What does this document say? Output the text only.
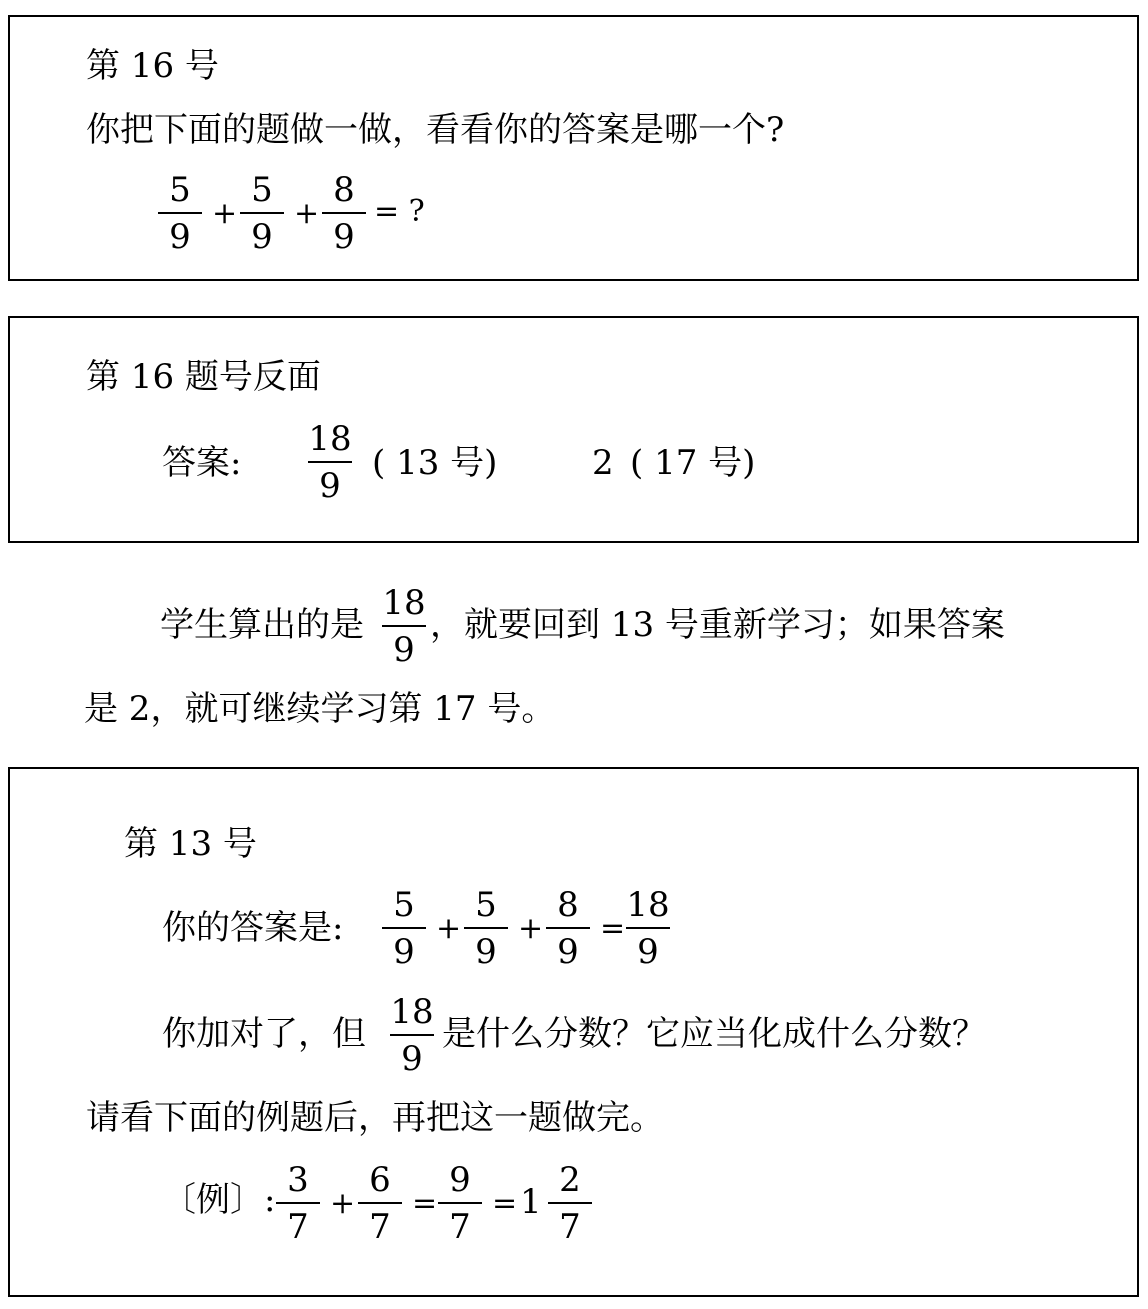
第 16 号
你把下面的题做一做，看看你的答案是哪一个?
5
9
+
5
9
+
8
9
= ?
第 16 题号反面
答案:
18
9
( 13 号)	2 ( 17 号)
学生算出的是
18
9
，就要回到 13 号重新学习；如果答案
是 2，就可继续学习第 17 号。
第 13 号
你的答案是:
5
9
+
5
9
+
8
9
=
18
9
你加对了，但
18
9
是什么分数？它应当化成什么分数？
请看下面的例题后，再把这一题做完。
〔例〕: 3
7
+
6
7
=
9
7
= 1
2
7
